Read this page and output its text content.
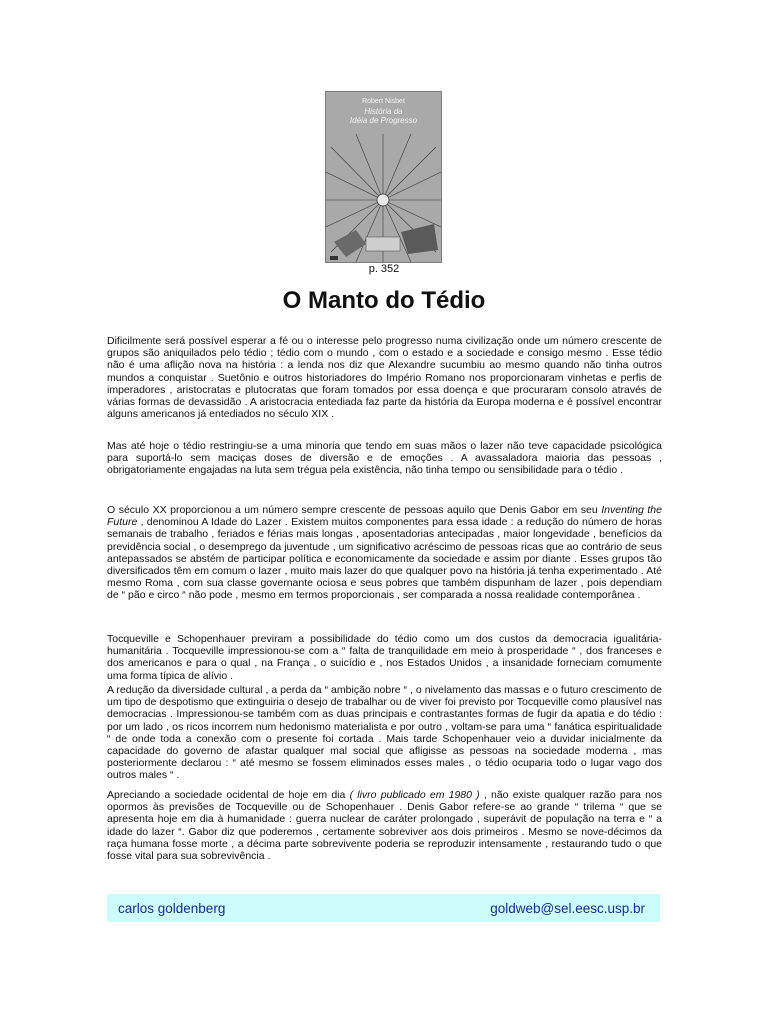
Robert Nisbet
História da
Idéia de Progresso
p. 352
O Manto do Tédio

Dificilmente será possível esperar a fé ou o interesse pelo progresso numa civilização onde um número crescente de grupos são aniquilados pelo tédio ; tédio com o mundo , com o estado e a sociedade e consigo mesmo . Esse tédio não é uma aflição nova na história : a lenda nos diz que Alexandre sucumbiu ao mesmo quando não tinha outros mundos a conquistar . Suetônio e outros historiadores do Império Romano nos proporcionaram vinhetas e perfis de imperadores , aristocratas e plutocratas que foram tomados por essa doença e que procuraram consolo através de várias formas de devassidão . A aristocracia entediada faz parte da história da Europa moderna e é possível encontrar alguns americanos já entediados no século XIX .

Mas até hoje o tédio restringiu-se a uma minoria que tendo em suas mãos o lazer não teve capacidade psicológica para suportá-lo sem maciças doses de diversão e de emoções . A avassaladora maioria das pessoas , obrigatoriamente engajadas na luta sem trégua pela existência, não tinha tempo ou sensibilidade para o tédio .

O século XX proporcionou a um número sempre crescente de pessoas aquilo que Denis Gabor em seu Inventing the Future , denominou A Idade do Lazer . Existem muitos componentes para essa idade : a redução do número de horas semanais de trabalho , feriados e férias mais longas , aposentadorias antecipadas , maior longevidade , benefícios da previdência social , o desemprego da juventude , um significativo acréscimo de pessoas ricas que ao contrário de seus antepassados se abstém de participar política e economicamente da sociedade e assim por diante . Esses grupos tão diversificados têm em comum o lazer , muito mais lazer do que qualquer povo na história já tenha experimentado . Até mesmo Roma , com sua classe governante ociosa e seus pobres que também dispunham de lazer , pois dependiam de “ pão e circo “ não pode , mesmo em termos proporcionais , ser comparada a nossa realidade contemporânea .

Tocqueville e Schopenhauer previram a possibilidade do tédio como um dos custos da democracia igualitária-humanitária . Tocqueville impressionou-se com a “ falta de tranquilidade em meio à prosperidade “ , dos franceses e dos americanos e para o qual , na França , o suicídio e , nos Estados Unidos , a insanidade forneciam comumente uma forma típica de alívio .

A redução da diversidade cultural , a perda da “ ambição nobre “ , o nivelamento das massas e o futuro crescimento de um tipo de despotismo que extinguiria o desejo de trabalhar ou de viver foi previsto por Tocqueville como plausível nas democracias . Impressionou-se também com as duas principais e contrastantes formas de fugir da apatia e do tédio : por um lado , os ricos incorrem num hedonismo materialista e por outro , voltam-se para uma “ fanática espiritualidade “ de onde toda a conexão com o presente foi cortada . Mais tarde Schopenhauer veio a duvidar inicialmente da capacidade do governo de afastar qualquer mal social que afligisse as pessoas na sociedade moderna , mas posteriormente declarou : “ até mesmo se fossem eliminados esses males , o tédio ocuparia todo o lugar vago dos outros males “ .

Apreciando a sociedade ocidental de hoje em dia ( livro publicado em 1980 ) , não existe qualquer razão para nos opormos às previsões de Tocqueville ou de Schopenhauer . Denis Gabor refere-se ao grande “ trilema “ que se apresenta hoje em dia à humanidade : guerra nuclear de caráter prolongado , superávit de população na terra e “ a idade do lazer “. Gabor diz que poderemos , certamente sobreviver aos dois primeiros . Mesmo se nove-décimos da raça humana fosse morte , a décima parte sobrevivente poderia se reproduzir intensamente , restaurando tudo o que fosse vital para sua sobrevivência .

carlos goldenberg	goldweb@sel.eesc.usp.br
